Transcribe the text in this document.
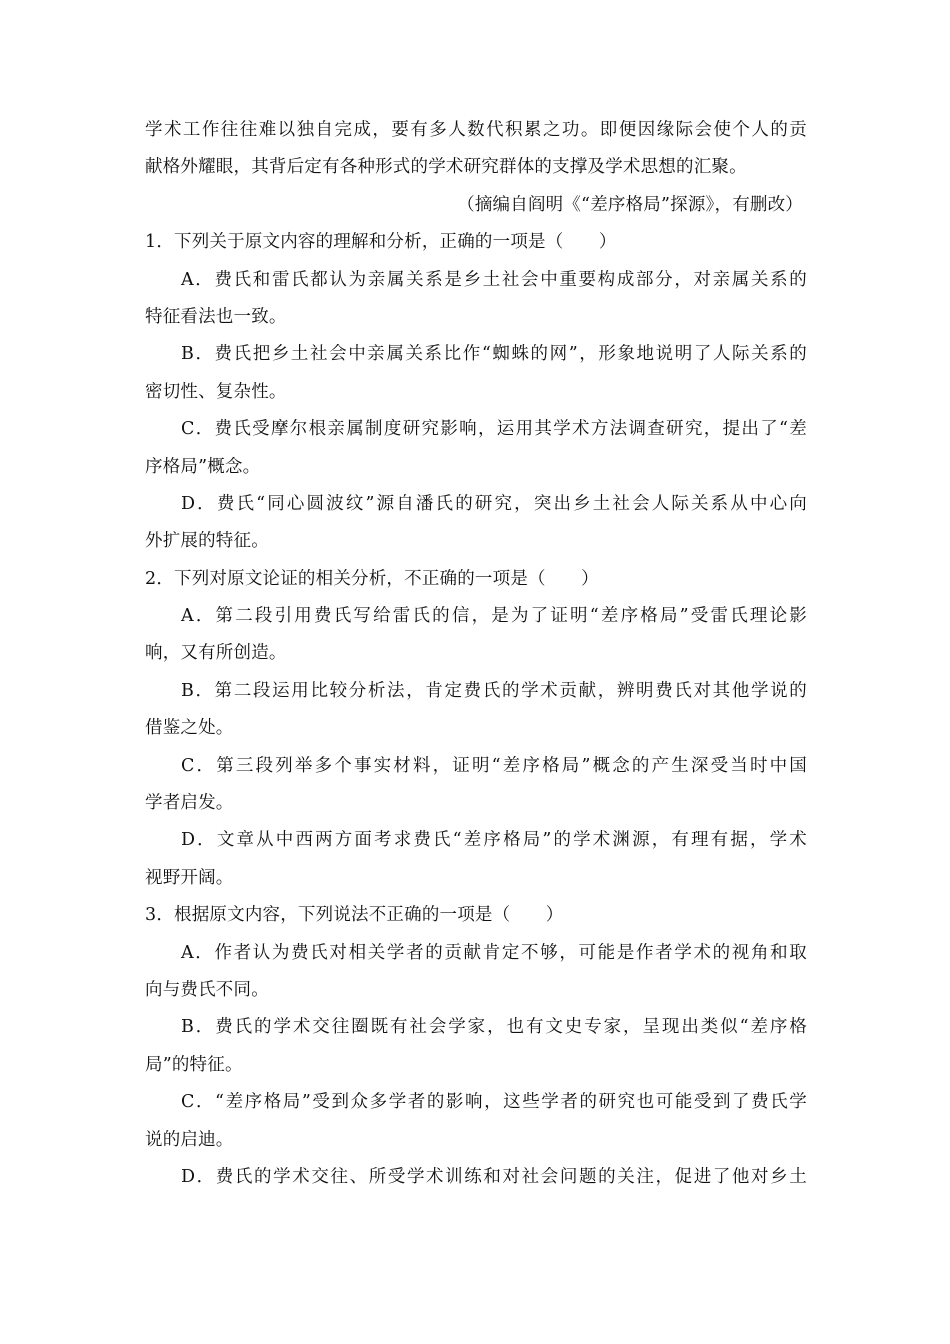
学术工作往往难以独自完成，要有多人数代积累之功。即便因缘际会使个人的贡
献格外耀眼，其背后定有各种形式的学术研究群体的支撑及学术思想的汇聚。
（摘编自阎明《“差序格局”探源》，有删改）
1．下列关于原文内容的理解和分析，正确的一项是（　　）
A．费氏和雷氏都认为亲属关系是乡土社会中重要构成部分，对亲属关系的
特征看法也一致。
B．费氏把乡土社会中亲属关系比作“蜘蛛的网”，形象地说明了人际关系的
密切性、复杂性。
C．费氏受摩尔根亲属制度研究影响，运用其学术方法调查研究，提出了“差
序格局”概念。
D．费氏“同心圆波纹”源自潘氏的研究，突出乡土社会人际关系从中心向
外扩展的特征。
2．下列对原文论证的相关分析，不正确的一项是（　　）
A．第二段引用费氏写给雷氏的信，是为了证明“差序格局”受雷氏理论影
响，又有所创造。
B．第二段运用比较分析法，肯定费氏的学术贡献，辨明费氏对其他学说的
借鉴之处。
C．第三段列举多个事实材料，证明“差序格局”概念的产生深受当时中国
学者启发。
D．文章从中西两方面考求费氏“差序格局”的学术渊源，有理有据，学术
视野开阔。
3．根据原文内容，下列说法不正确的一项是（　　）
A．作者认为费氏对相关学者的贡献肯定不够，可能是作者学术的视角和取
向与费氏不同。
B．费氏的学术交往圈既有社会学家，也有文史专家，呈现出类似“差序格
局”的特征。
C．“差序格局”受到众多学者的影响，这些学者的研究也可能受到了费氏学
说的启迪。
D．费氏的学术交往、所受学术训练和对社会问题的关注，促进了他对乡土
